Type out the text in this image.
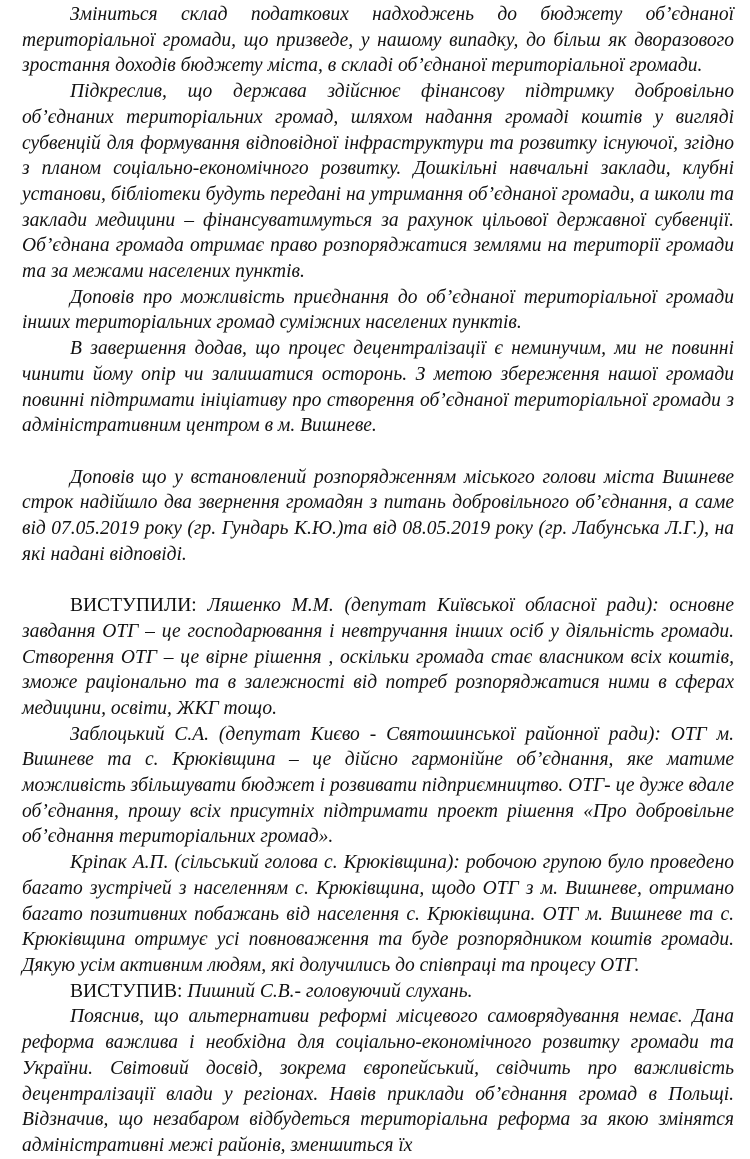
Зміниться склад податкових надходжень до бюджету об’єднаної територіальної громади, що призведе, у нашому випадку, до більш як дворазового зростання доходів бюджету міста, в складі об’єднаної територіальної громади.

Підкреслив, що держава здійснює фінансову підтримку добровільно об’єднаних територіальних громад, шляхом надання громаді коштів у вигляді субвенцій для формування відповідної інфраструктури та розвитку існуючої, згідно з планом соціально-економічного розвитку. Дошкільні навчальні заклади, клубні установи, бібліотеки будуть передані на утримання об’єднаної громади, а школи та заклади медицини – фінансуватимуться за рахунок цільової державної субвенції. Об’єднана громада отримає право розпоряджатися землями на території громади та за межами населених пунктів.

Доповів про можливість приєднання до об’єднаної територіальної громади інших територіальних громад суміжних населених пунктів.

В завершення додав, що процес децентралізації є неминучим, ми не повинні чинити йому опір чи залишатися осторонь. З метою збереження нашої громади повинні підтримати ініціативу про створення об’єднаної територіальної громади з адміністративним центром в м. Вишневе.

Доповів що у встановлений розпорядженням міського голови міста Вишневе строк надійшло два звернення громадян з питань добровільного об’єднання, а саме від 07.05.2019 року (гр. Гундарь К.Ю.)та від 08.05.2019 року (гр. Лабунська Л.Г.), на які надані відповіді.

ВИСТУПИЛИ: Ляшенко М.М. (депутат Київської обласної ради): основне завдання ОТГ – це господарювання і невтручання інших осіб у діяльність громади. Створення ОТГ – це вірне рішення , оскільки громада стає власником всіх коштів, зможе раціонально та в залежності від потреб розпоряджатися ними в сферах медицини, освіти, ЖКГ тощо.

Заблоцький С.А. (депутат Києво - Святошинської районної ради): ОТГ м. Вишневе та с. Крюківщина – це дійсно гармонійне об’єднання, яке матиме можливість збільшувати бюджет і розвивати підприємництво. ОТГ- це дуже вдале об’єднання, прошу всіх присутніх підтримати проект рішення «Про добровільне об’єднання територіальних громад».

Кріпак А.П. (сільський голова с. Крюківщина): робочою групою було проведено багато зустрічей з населенням с. Крюківщина, щодо ОТГ з м. Вишневе, отримано багато позитивних побажань від населення с. Крюківщина. ОТГ м. Вишневе та с. Крюківщина отримує усі повноваження та буде розпорядником коштів громади. Дякую усім активним людям, які долучились до співпраці та процесу ОТГ.

ВИСТУПИВ: Пишний С.В.- головуючий слухань.

Пояснив, що альтернативи реформі місцевого самоврядування немає. Дана реформа важлива і необхідна для соціально-економічного розвитку громади та України. Світовий досвід, зокрема європейський, свідчить про важливість децентралізації влади у регіонах. Навів приклади об’єднання громад в Польщі. Відзначив, що незабаром відбудеться територіальна реформа за якою змінятся адміністративні межі районів, зменшиться їх
